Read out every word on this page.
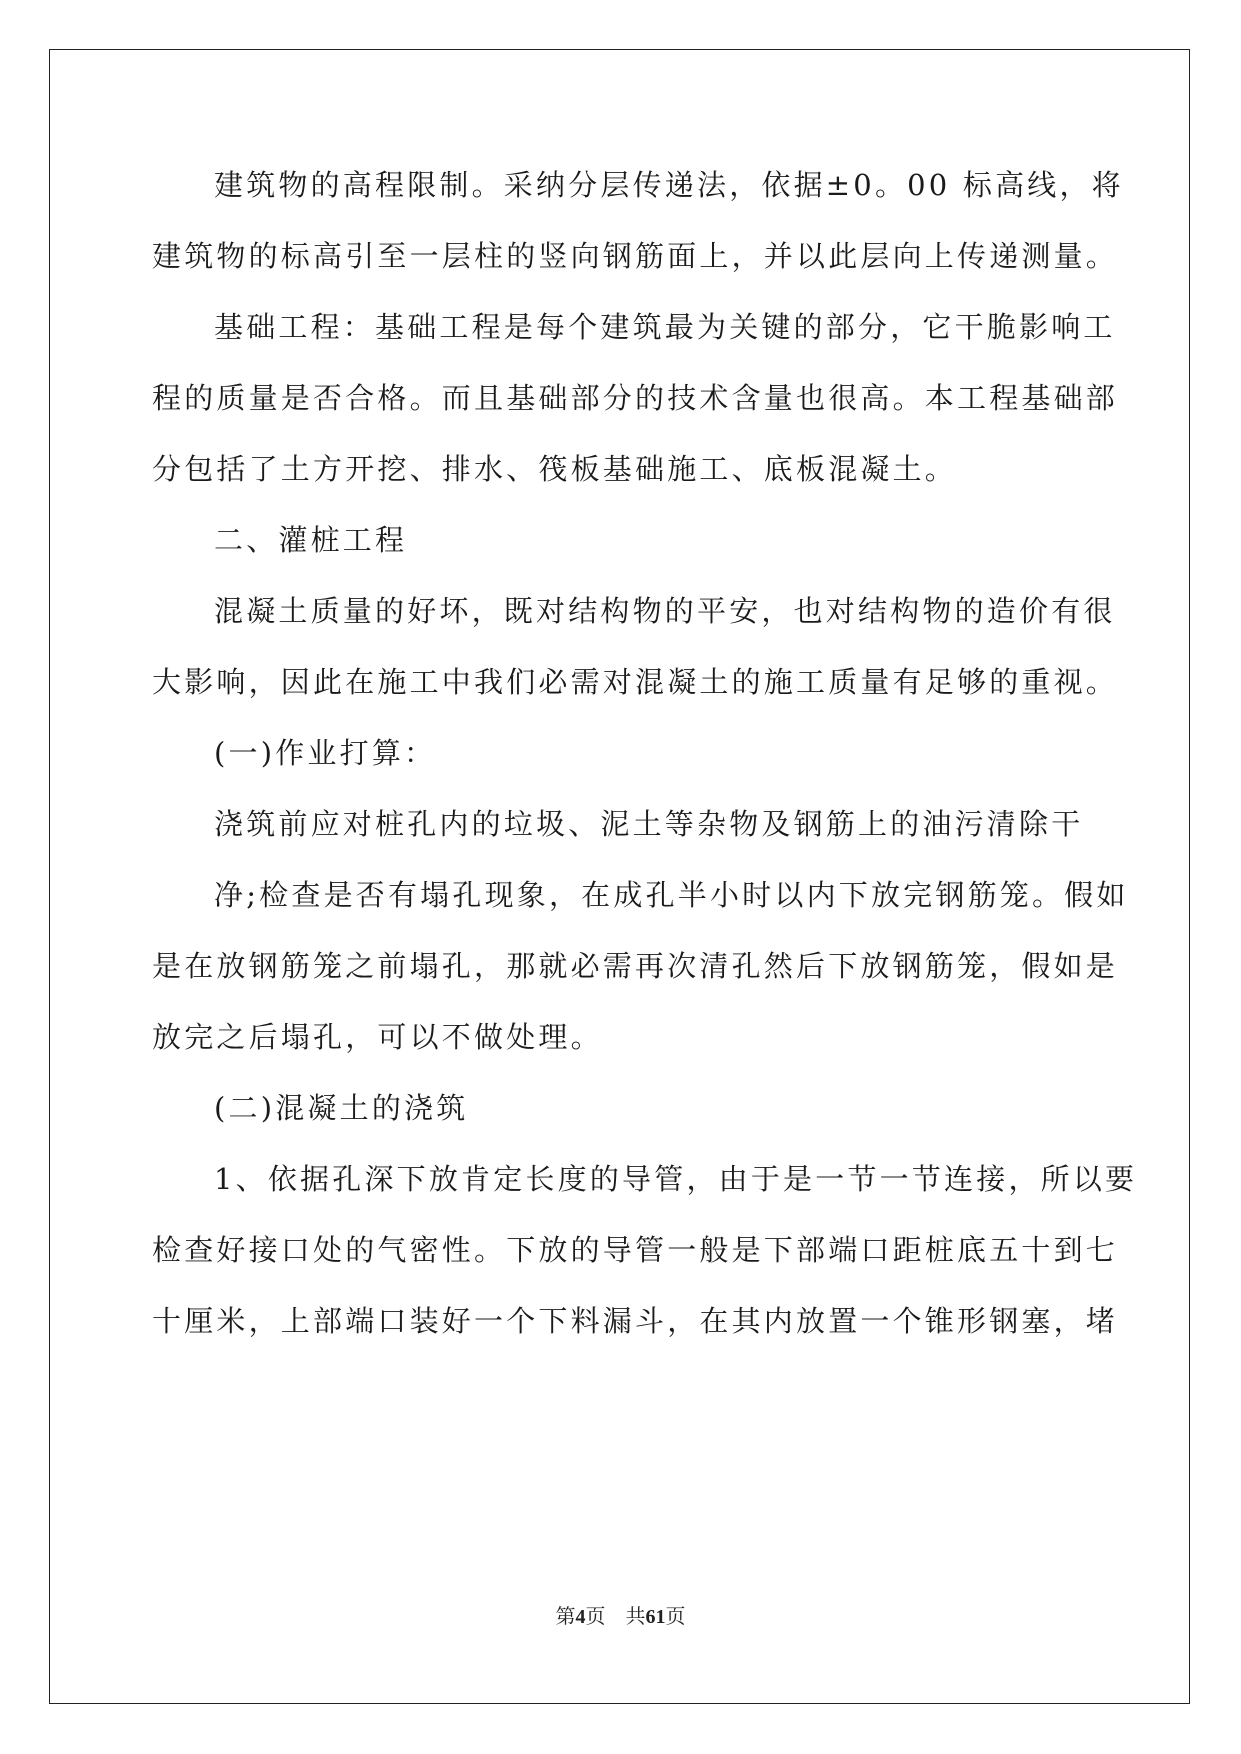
建筑物的高程限制。采纳分层传递法，依据±0。00 标高线，将
建筑物的标高引至一层柱的竖向钢筋面上，并以此层向上传递测量。
基础工程：基础工程是每个建筑最为关键的部分，它干脆影响工
程的质量是否合格。而且基础部分的技术含量也很高。本工程基础部
分包括了土方开挖、排水、筏板基础施工、底板混凝土。
二、灌桩工程
混凝土质量的好坏，既对结构物的平安，也对结构物的造价有很
大影响，因此在施工中我们必需对混凝土的施工质量有足够的重视。
(一)作业打算：
浇筑前应对桩孔内的垃圾、泥土等杂物及钢筋上的油污清除干
净;检查是否有塌孔现象，在成孔半小时以内下放完钢筋笼。假如
是在放钢筋笼之前塌孔，那就必需再次清孔然后下放钢筋笼，假如是
放完之后塌孔，可以不做处理。
(二)混凝土的浇筑
1、依据孔深下放肯定长度的导管，由于是一节一节连接，所以要
检查好接口处的气密性。下放的导管一般是下部端口距桩底五十到七
十厘米，上部端口装好一个下料漏斗，在其内放置一个锥形钢塞，堵
第4页 共61页
